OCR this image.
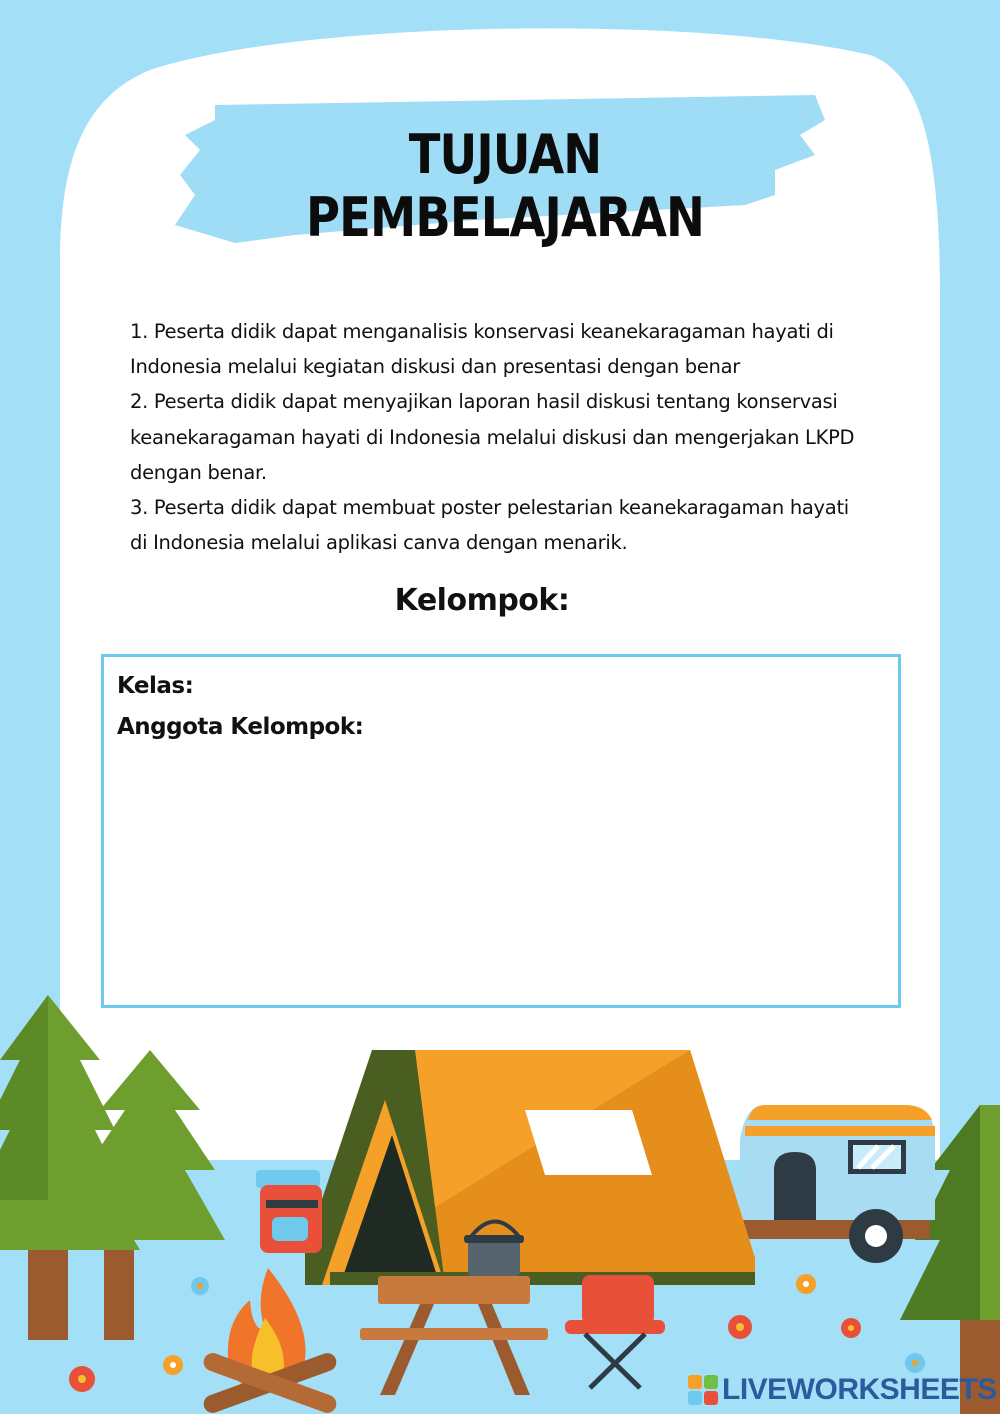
TUJUAN PEMBELAJARAN

1. Peserta didik dapat menganalisis konservasi keanekaragaman hayati di

Indonesia melalui kegiatan diskusi dan presentasi dengan benar

2. Peserta didik dapat menyajikan laporan hasil diskusi tentang konservasi

keanekaragaman hayati di Indonesia melalui diskusi dan mengerjakan LKPD

dengan benar.

3. Peserta didik dapat membuat poster pelestarian keanekaragaman hayati

di Indonesia melalui aplikasi canva dengan menarik.

Kelompok:
Kelas:
Anggota Kelompok:
LIVEWORKSHEETS
